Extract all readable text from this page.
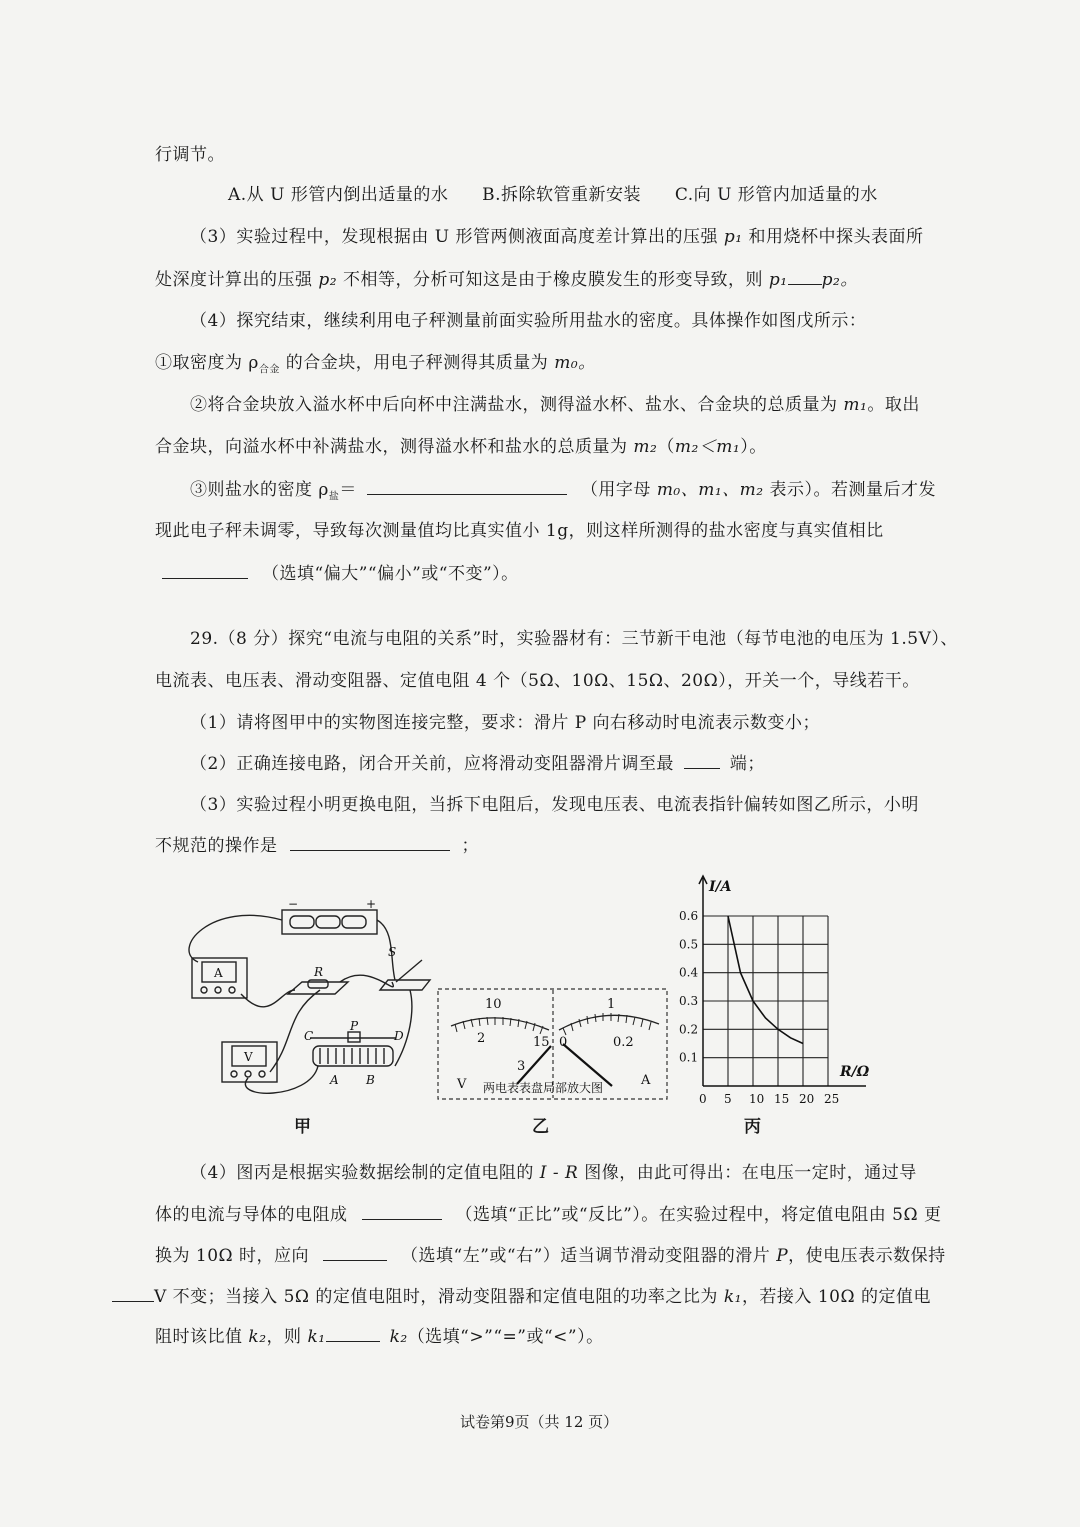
行调节。
A.从 U 形管内倒出适量的水 B.拆除软管重新安装 C.向 U 形管内加适量的水
（3）实验过程中，发现根据由 U 形管两侧液面高度差计算出的压强 p₁ 和用烧杯中探头表面所
处深度计算出的压强 p₂ 不相等，分析可知这是由于橡皮膜发生的形变导致，则 p₁ p₂。
（4）探究结束，继续利用电子秤测量前面实验所用盐水的密度。具体操作如图戊所示：
①取密度为 $\rho_{合金}$ 的合金块，用电子秤测得其质量为 m₀。
②将合金块放入溢水杯中后向杯中注满盐水，测得溢水杯、盐水、合金块的总质量为 m₁。取出
合金块，向溢水杯中补满盐水，测得溢水杯和盐水的总质量为 m₂（m₂＜m₁）。
③则盐水的密度 $\rho_盐=$	（用字母 m₀、m₁、m₂ 表示）。若测量后才发
现此电子秤未调零，导致每次测量值均比真实值小 1g，则这样所测得的盐水密度与真实值相比
（选填“偏大”“偏小”或“不变”）。
29.（8 分）探究“电流与电阻的关系”时，实验器材有：三节新干电池（每节电池的电压为 1.5V）、
电流表、电压表、滑动变阻器、定值电阻 4 个（5Ω、10Ω、15Ω、20Ω），开关一个，导线若干。
（1）请将图甲中的实物图连接完整，要求：滑片 P 向右移动时电流表示数变小；
（2）正确连接电路，闭合开关前，应将滑动变阻器滑片调至最	端；
（3）实验过程小明更换电阻，当拆下电阻后，发现电压表、电流表指针偏转如图乙所示，小明
不规范的操作是	；
A
V
R
S
C
P
D
A B
−	+
甲
10
2	15
3
1
0	0.2
V	A
两电表表盘局部放大图
乙
0 5 10 15 20 25
0.1
0.2
0.3
0.4
0.5
0.6
I/A
R/Ω
丙
（4）图丙是根据实验数据绘制的定值电阻的 I - R 图像，由此可得出：在电压一定时，通过导
体的电流与导体的电阻成	（选填“正比”或“反比”）。在实验过程中，将定值电阻由 5Ω 更
换为 10Ω 时，应向	（选填“左”或“右”）适当调节滑动变阻器的滑片 P，使电压表示数保持
V 不变；当接入 5Ω 的定值电阻时，滑动变阻器和定值电阻的功率之比为 k₁，若接入 10Ω 的定值电
阻时该比值 k₂，则 k₁	k₂（选填“>”“=”或“<”）。
试卷第9页（共 12 页）
